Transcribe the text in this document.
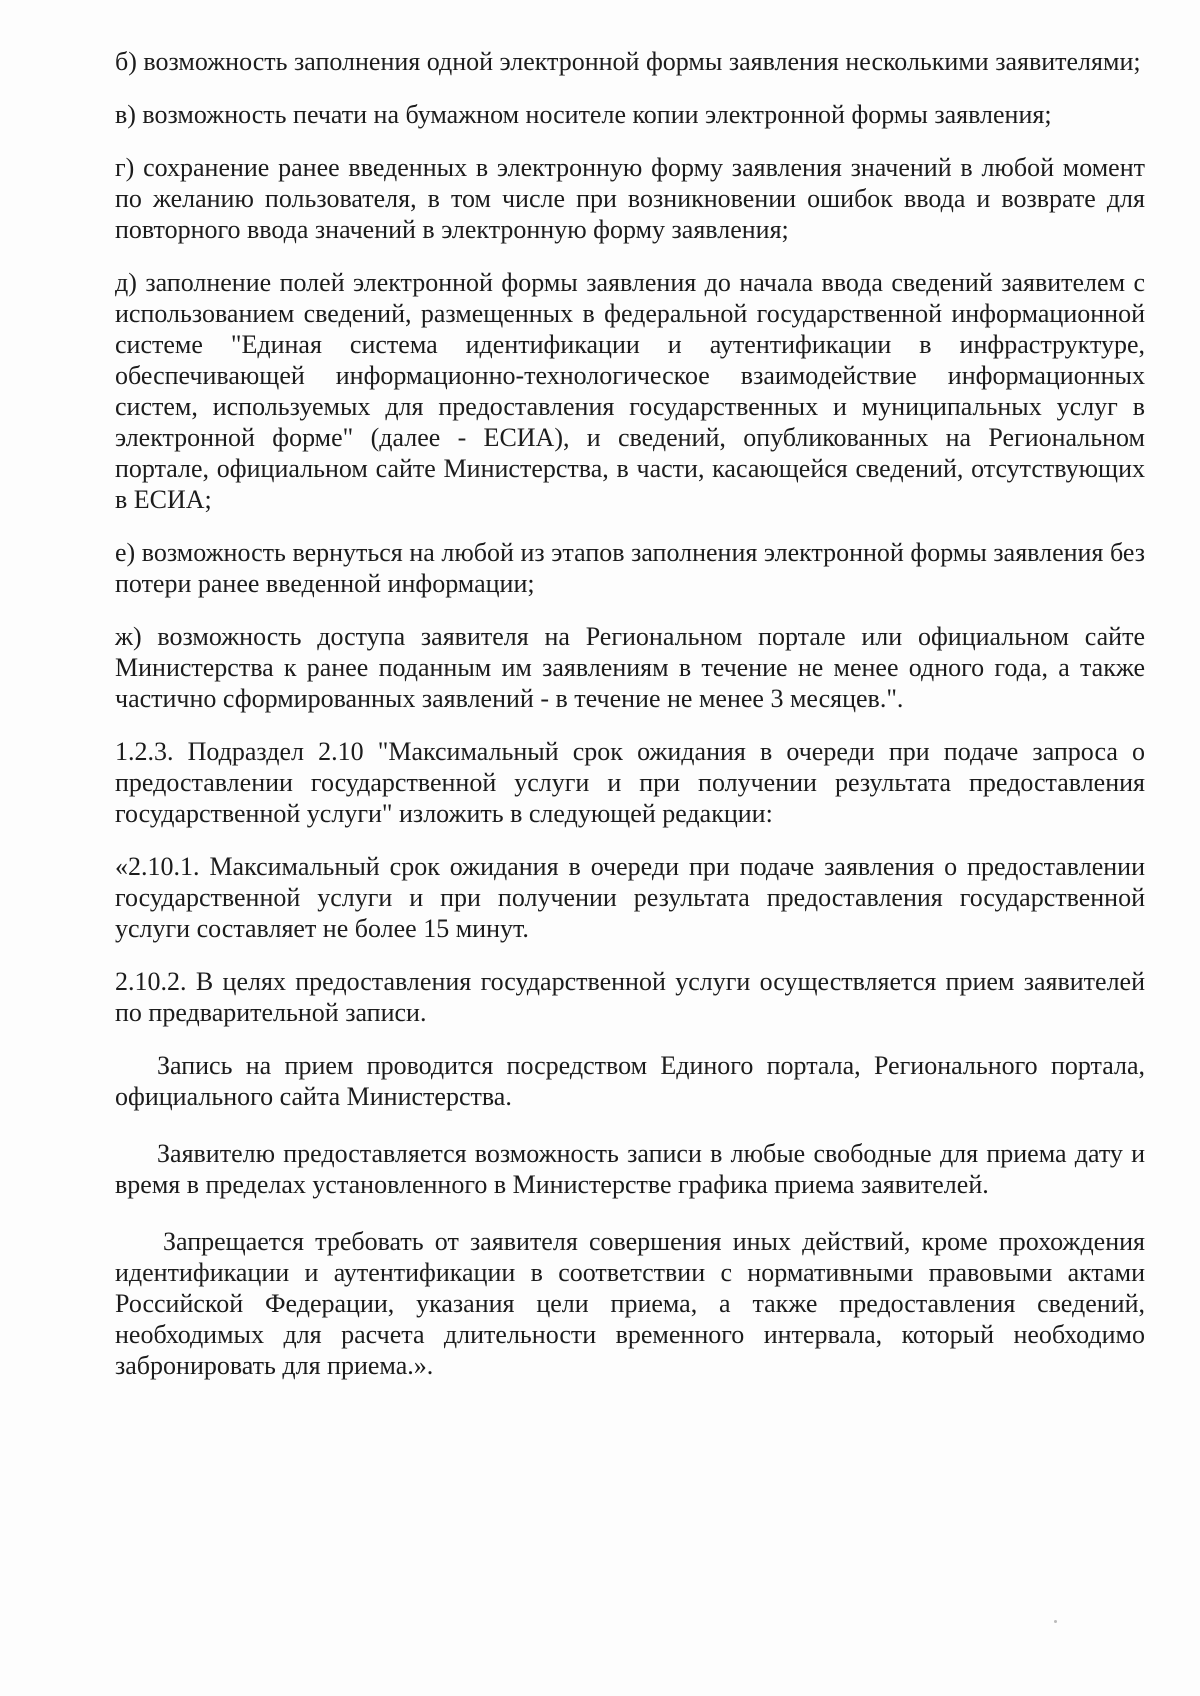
б) возможность заполнения одной электронной формы заявления несколькими заявителями;

в) возможность печати на бумажном носителе копии электронной формы заявления;

г) сохранение ранее введенных в электронную форму заявления значений в любой момент по желанию пользователя, в том числе при возникновении ошибок ввода и возврате для повторного ввода значений в электронную форму заявления;

д) заполнение полей электронной формы заявления до начала ввода сведений заявителем с использованием сведений, размещенных в федеральной государственной информационной системе "Единая система идентификации и аутентификации в инфраструктуре, обеспечивающей информационно-технологическое взаимодействие информационных систем, используемых для предоставления государственных и муниципальных услуг в электронной форме" (далее - ЕСИА), и сведений, опубликованных на Региональном портале, официальном сайте Министерства, в части, касающейся сведений, отсутствующих в ЕСИА;

е) возможность вернуться на любой из этапов заполнения электронной формы заявления без потери ранее введенной информации;

ж) возможность доступа заявителя на Региональном портале или официальном сайте Министерства к ранее поданным им заявлениям в течение не менее одного года, а также частично сформированных заявлений - в течение не менее 3 месяцев.".

1.2.3. Подраздел 2.10 "Максимальный срок ожидания в очереди при подаче запроса о предоставлении государственной услуги и при получении результата предоставления государственной услуги" изложить в следующей редакции:

«2.10.1. Максимальный срок ожидания в очереди при подаче заявления о предоставлении государственной услуги и при получении результата предоставления государственной услуги составляет не более 15 минут.

2.10.2. В целях предоставления государственной услуги осуществляется прием заявителей по предварительной записи.

Запись на прием проводится посредством Единого портала, Регионального портала, официального сайта Министерства.

Заявителю предоставляется возможность записи в любые свободные для приема дату и время в пределах установленного в Министерстве графика приема заявителей.

Запрещается требовать от заявителя совершения иных действий, кроме прохождения идентификации и аутентификации в соответствии с нормативными правовыми актами Российской Федерации, указания цели приема, а также предоставления сведений, необходимых для расчета длительности временного интервала, который необходимо забронировать для приема.».
